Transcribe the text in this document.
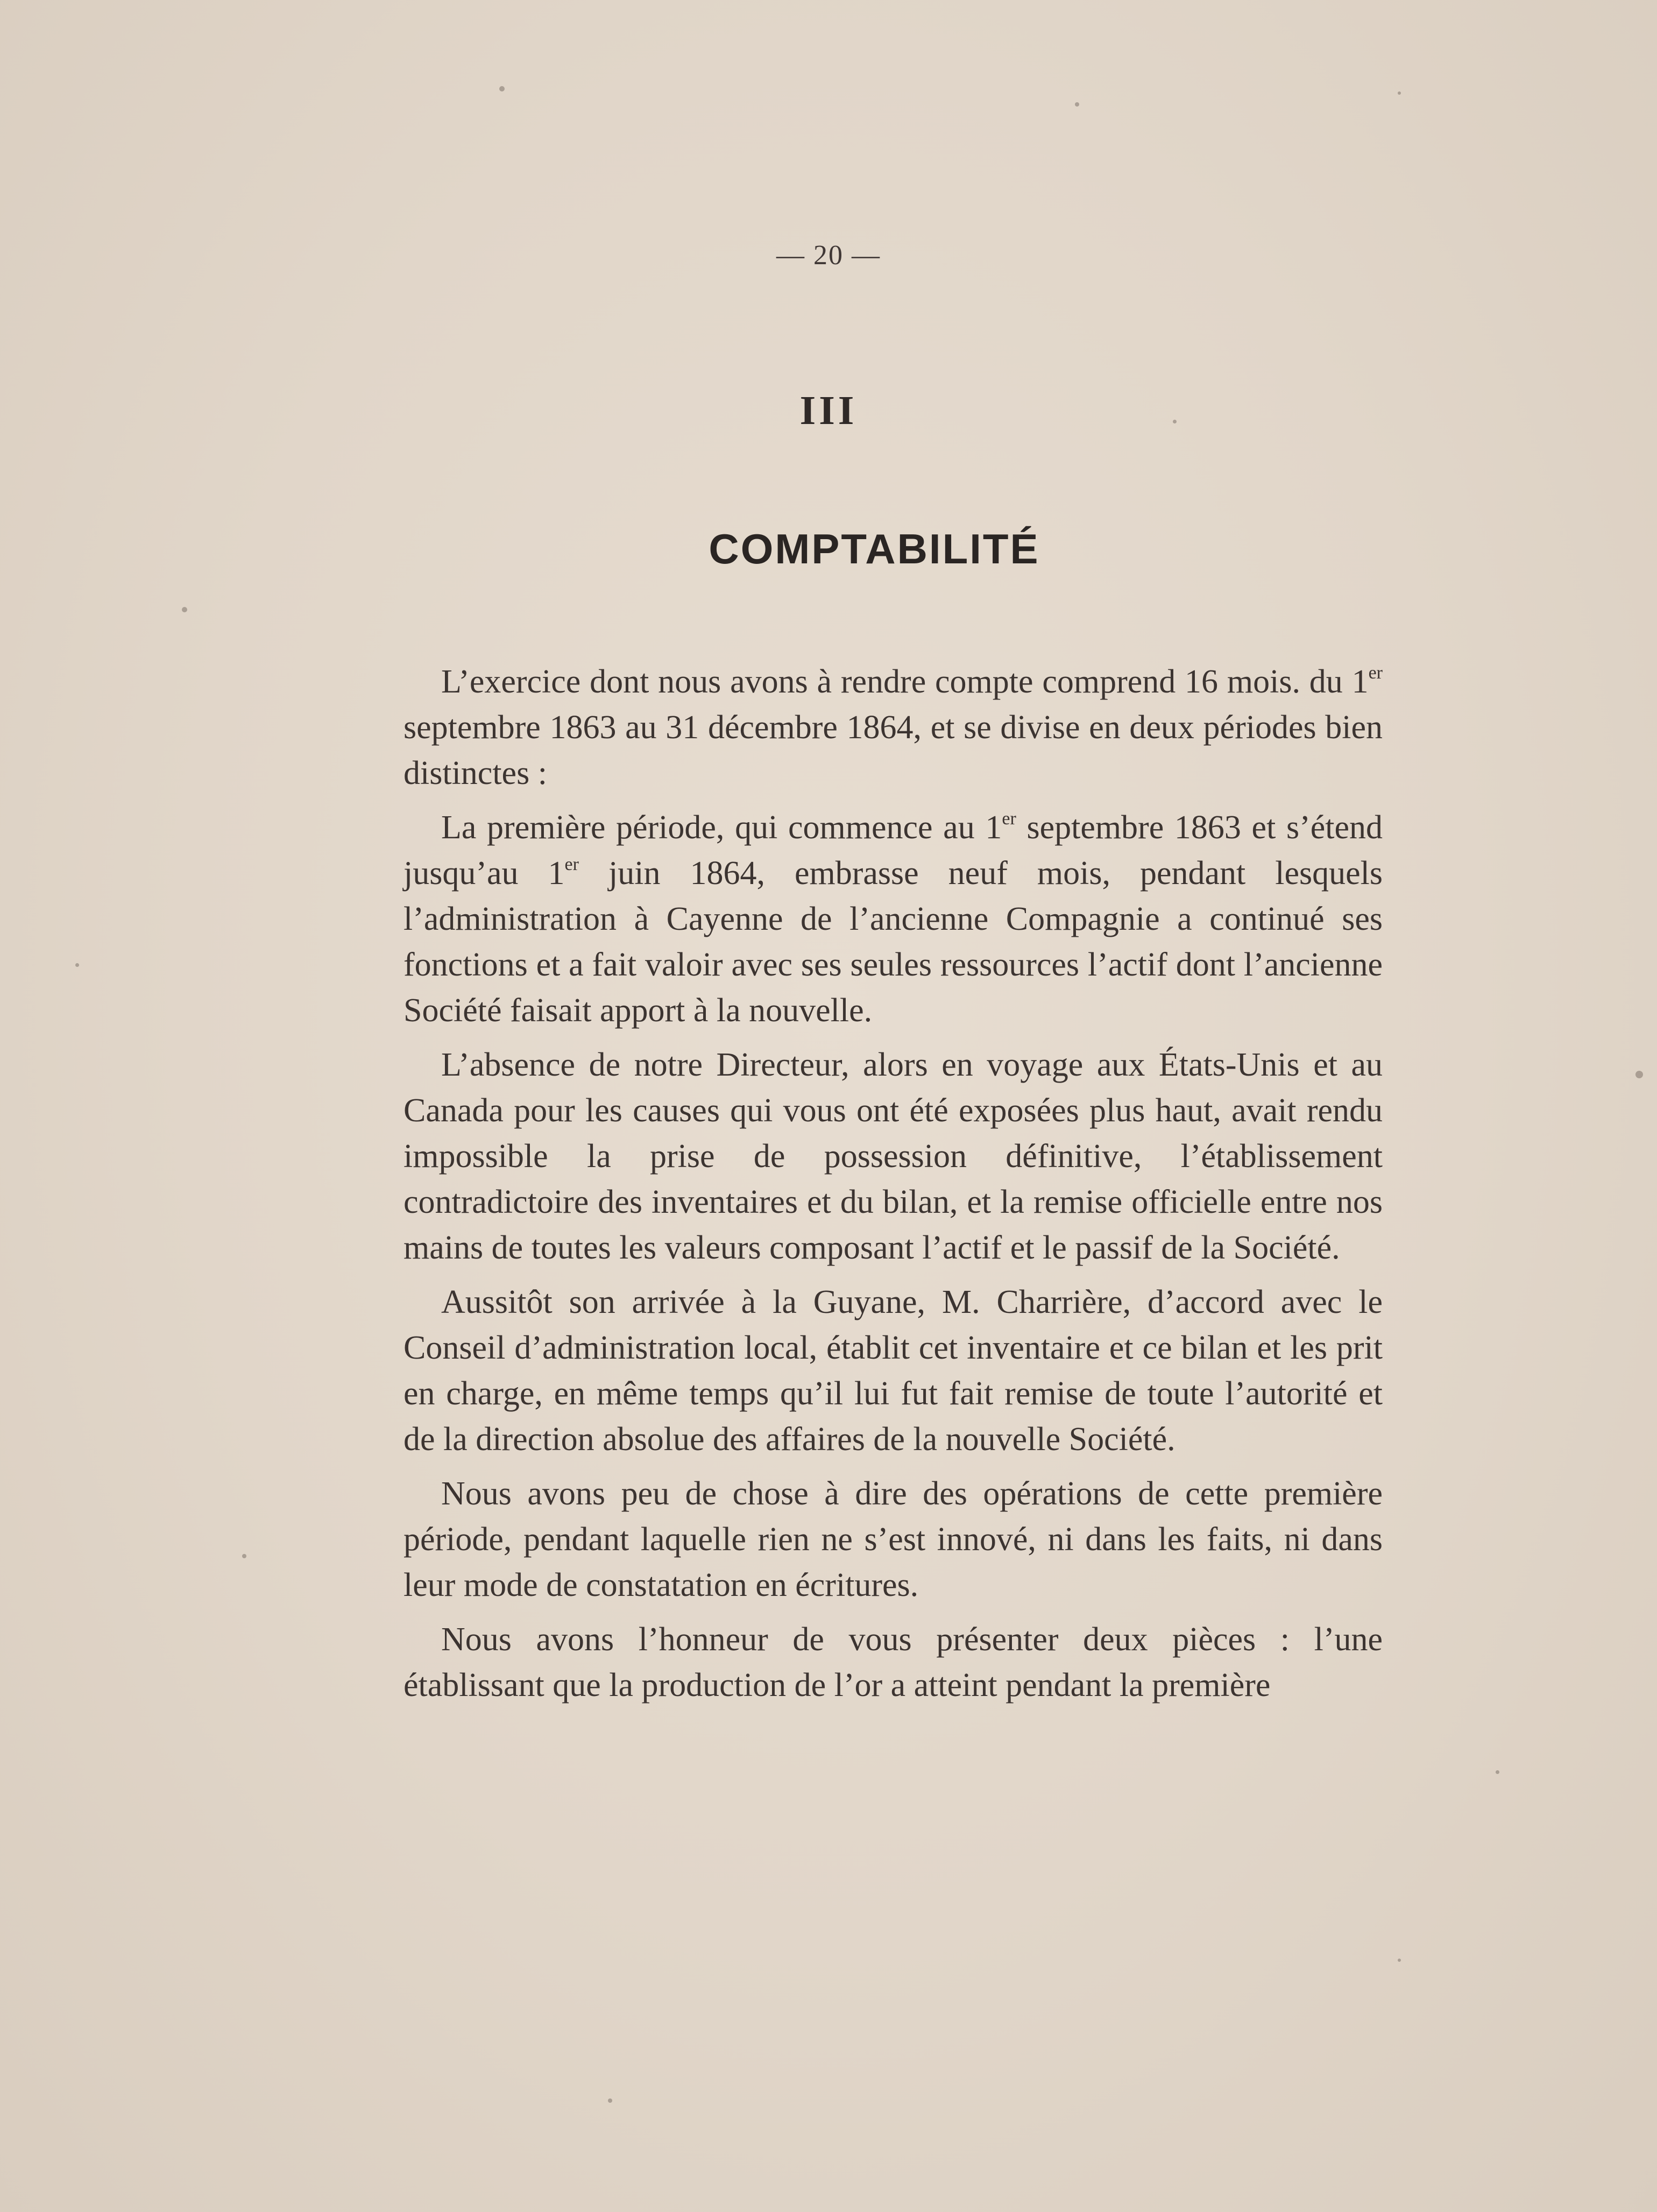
— 20 —
III
COMPTABILITÉ

L’exercice dont nous avons à rendre compte comprend 16 mois. du 1er septembre 1863 au 31 décembre 1864, et se divise en deux périodes bien distinctes :

La première période, qui commence au 1er septembre 1863 et s’étend jusqu’au 1er juin 1864, embrasse neuf mois, pendant lesquels l’administration à Cayenne de l’ancienne Compagnie a continué ses fonctions et a fait valoir avec ses seules ressources l’actif dont l’ancienne Société faisait apport à la nouvelle.

L’absence de notre Directeur, alors en voyage aux États-Unis et au Canada pour les causes qui vous ont été exposées plus haut, avait rendu impossible la prise de possession définitive, l’établissement contradictoire des inventaires et du bilan, et la remise officielle entre nos mains de toutes les valeurs composant l’actif et le passif de la Société.

Aussitôt son arrivée à la Guyane, M. Charrière, d’accord avec le Conseil d’administration local, établit cet inventaire et ce bilan et les prit en charge, en même temps qu’il lui fut fait remise de toute l’autorité et de la direction absolue des affaires de la nouvelle Société.

Nous avons peu de chose à dire des opérations de cette première période, pendant laquelle rien ne s’est innové, ni dans les faits, ni dans leur mode de constatation en écritures.

Nous avons l’honneur de vous présenter deux pièces : l’une établissant que la production de l’or a atteint pendant la première
